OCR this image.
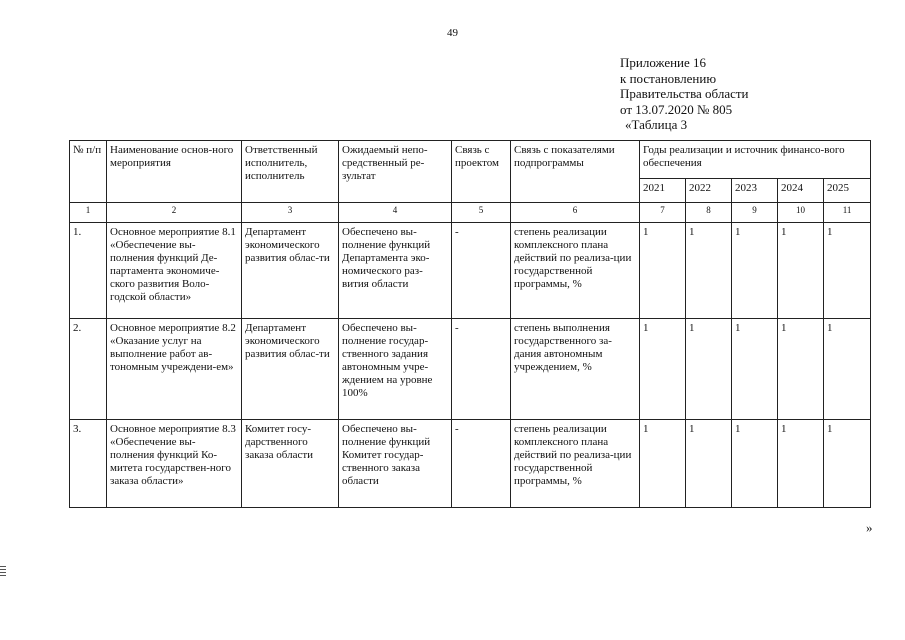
49
Приложение 16
к постановлению
Правительства области
от 13.07.2020 № 805
«Таблица 3
№ п/п	Наименование основ-ного мероприятия	Ответственный исполнитель, исполнитель	Ожидаемый непо-средственный ре-зультат	Связь с проектом	Связь с показателями подпрограммы	Годы реализации и источник финансо-вого обеспечения				
						2021	2022	2023	2024	2025
1	2	3	4	5	6	7	8	9	10	11
1.	Основное мероприятие 8.1 «Обеспечение вы-полнения функций Де-партамента экономиче-ского развития Воло-годской области»	Департамент экономического развития облас-ти	Обеспечено вы-полнение функций Департамента эко-номического раз-вития области	-	степень реализации комплексного плана действий по реализа-ции государственной программы, %	1	1	1	1	1
2.	Основное мероприятие 8.2 «Оказание услуг на выполнение работ ав-тономным учреждени-ем»	Департамент экономического развития облас-ти	Обеспечено вы-полнение государ-ственного задания автономным учре-ждением на уровне 100%	-	степень выполнения государственного за-дания автономным учреждением, %	1	1	1	1	1
3.	Основное мероприятие 8.3 «Обеспечение вы-полнения функций Ко-митета государствен-ного заказа области»	Комитет госу-дарственного заказа области	Обеспечено вы-полнение функций Комитет государ-ственного заказа области	-	степень реализации комплексного плана действий по реализа-ции государственной программы, %	1	1	1	1	1
»
